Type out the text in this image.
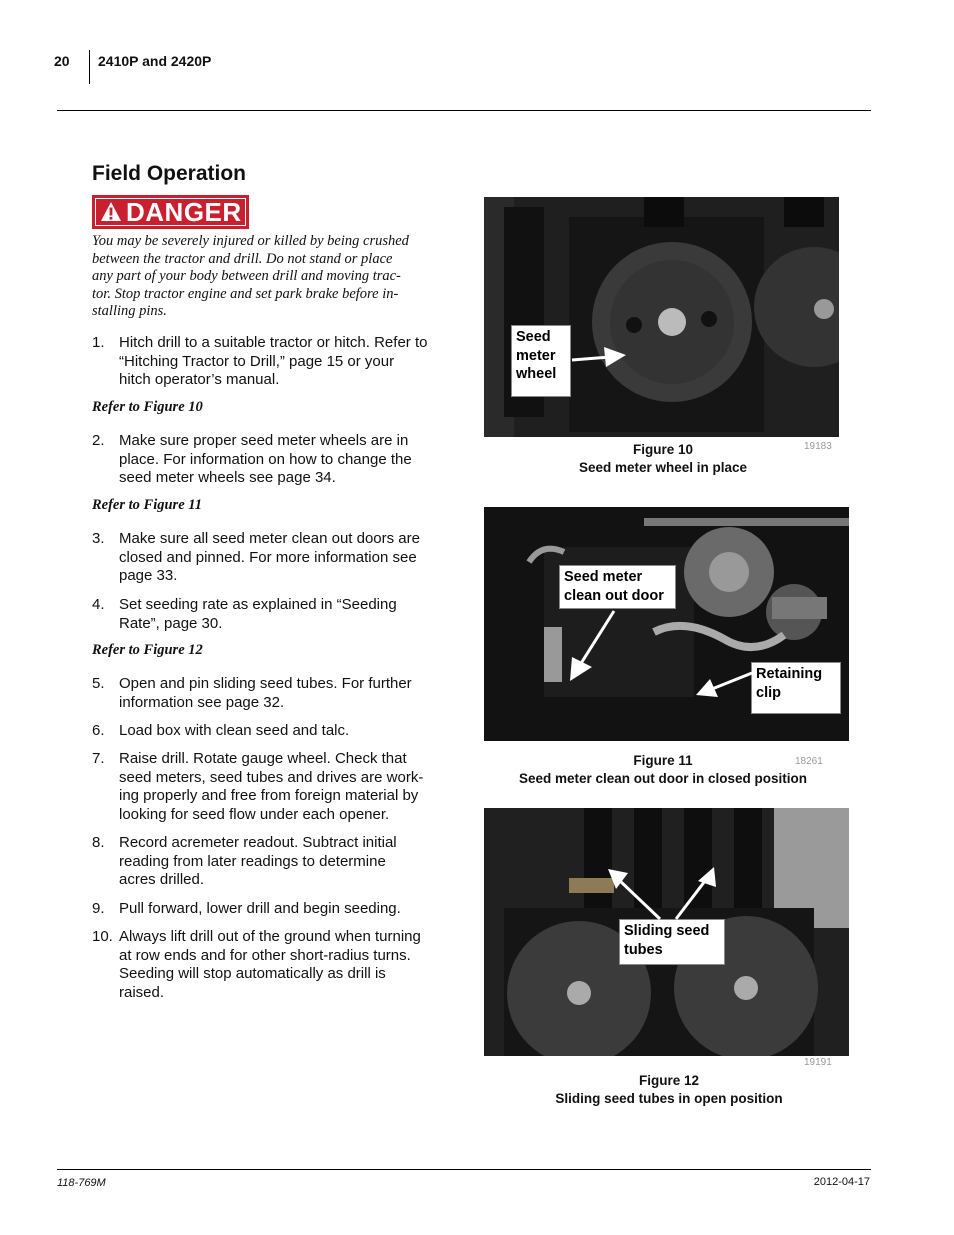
20 2410P and 2420P
Field Operation
DANGER
You may be severely injured or killed by being crushed
between the tractor and drill. Do not stand or place
any part of your body between drill and moving trac-
tor. Stop tractor engine and set park brake before in-
stalling pins.
1. Hitch drill to a suitable tractor or hitch. Refer to
“Hitching Tractor to Drill,” page 15 or your
hitch operator’s manual.
Refer to Figure 10
2. Make sure proper seed meter wheels are in
place. For information on how to change the
seed meter wheels see page 34.
Refer to Figure 11
3. Make sure all seed meter clean out doors are
closed and pinned. For more information see
page 33.
4. Set seeding rate as explained in “Seeding
Rate”, page 30.
Refer to Figure 12
5. Open and pin sliding seed tubes. For further
information see page 32.
6. Load box with clean seed and talc.
7. Raise drill. Rotate gauge wheel. Check that
seed meters, seed tubes and drives are work-
ing properly and free from foreign material by
looking for seed flow under each opener.
8. Record acremeter readout. Subtract initial
reading from later readings to determine
acres drilled.
9. Pull forward, lower drill and begin seeding.
10. Always lift drill out of the ground when turning
at row ends and for other short-radius turns.
Seeding will stop automatically as drill is
raised.
Seed
meter
wheel
Figure 10
Seed meter wheel in place
19183
Seed meter
clean out door
Retaining
clip
Figure 11
Seed meter clean out door in closed position
18261
Sliding seed
tubes
19191
Figure 12
Sliding seed tubes in open position
118-769M	2012-04-17
